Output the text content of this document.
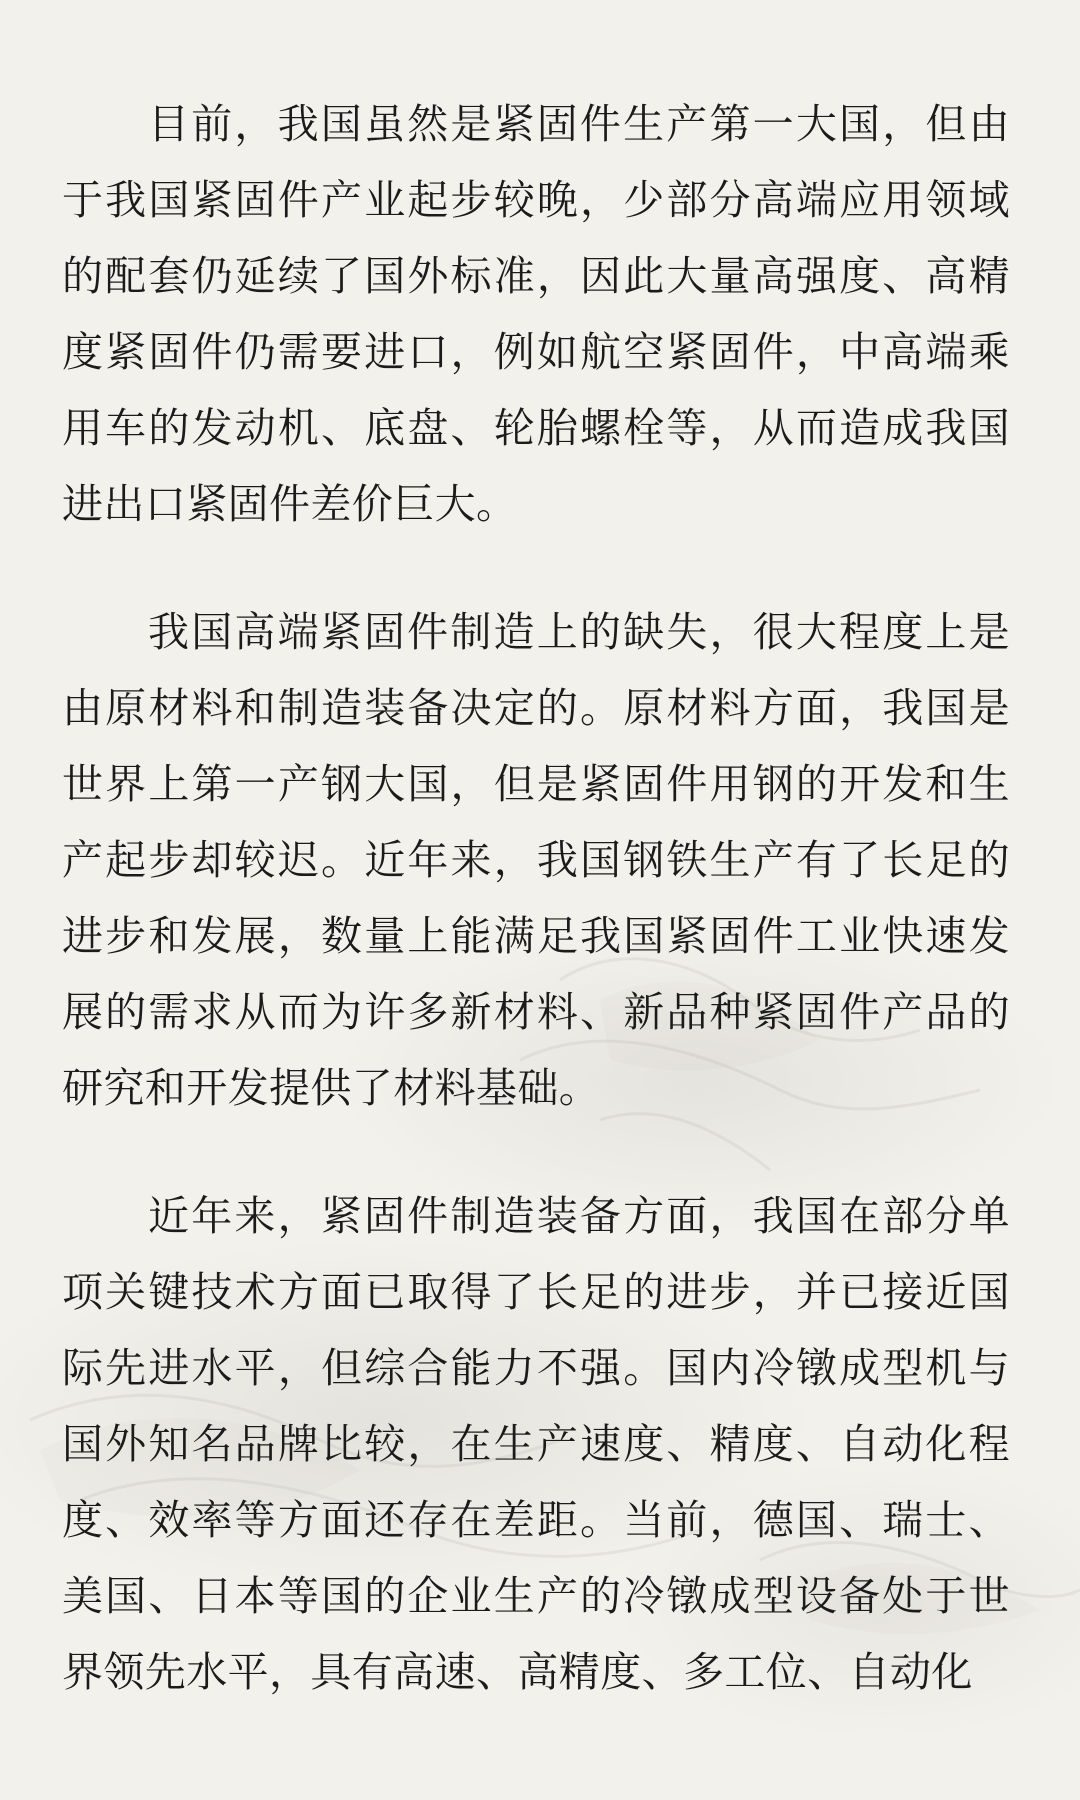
目前，我国虽然是紧固件生产第一大国，但由于我国紧固件产业起步较晚，少部分高端应用领域的配套仍延续了国外标准，因此大量高强度、高精度紧固件仍需要进口，例如航空紧固件，中高端乘用车的发动机、底盘、轮胎螺栓等，从而造成我国进出口紧固件差价巨大。

我国高端紧固件制造上的缺失，很大程度上是由原材料和制造装备决定的。原材料方面，我国是世界上第一产钢大国，但是紧固件用钢的开发和生产起步却较迟。近年来，我国钢铁生产有了长足的进步和发展，数量上能满足我国紧固件工业快速发展的需求从而为许多新材料、新品种紧固件产品的研究和开发提供了材料基础。

近年来，紧固件制造装备方面，我国在部分单项关键技术方面已取得了长足的进步，并已接近国际先进水平，但综合能力不强。国内冷镦成型机与国外知名品牌比较，在生产速度、精度、自动化程度、效率等方面还存在差距。当前，德国、瑞士、美国、日本等国的企业生产的冷镦成型设备处于世界领先水平，具有高速、高精度、多工位、自动化
